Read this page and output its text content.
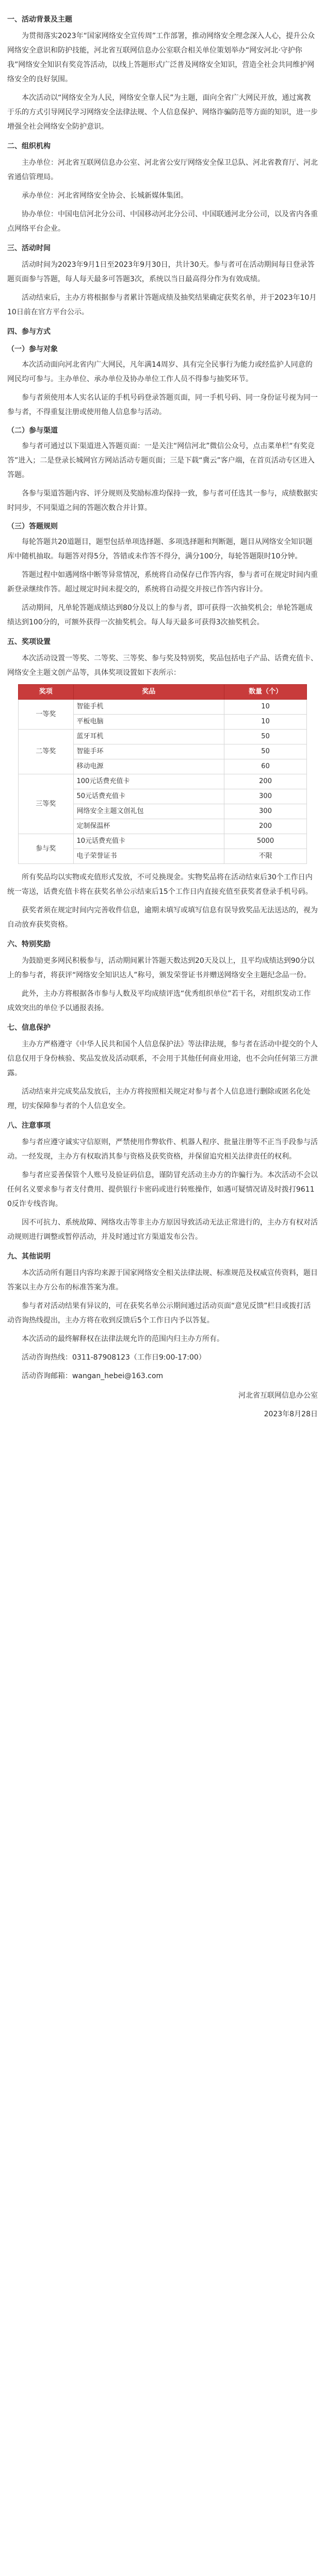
一、活动背景及主题

为贯彻落实2023年“国家网络安全宣传周”工作部署，推动网络安全理念深入人心，提升公众网络安全意识和防护技能，河北省互联网信息办公室联合相关单位策划举办“网安河北·守护你我”网络安全知识有奖竞答活动，以线上答题形式广泛普及网络安全知识，营造全社会共同维护网络安全的良好氛围。

本次活动以“网络安全为人民，网络安全靠人民”为主题，面向全省广大网民开放，通过寓教于乐的方式引导网民学习网络安全法律法规、个人信息保护、网络诈骗防范等方面的知识，进一步增强全社会网络安全防护意识。

二、组织机构

主办单位：河北省互联网信息办公室、河北省公安厅网络安全保卫总队、河北省教育厅、河北省通信管理局。

承办单位：河北省网络安全协会、长城新媒体集团。

协办单位：中国电信河北分公司、中国移动河北分公司、中国联通河北分公司，以及省内各重点网络平台企业。

三、活动时间

活动时间为2023年9月1日至2023年9月30日，共计30天。参与者可在活动期间每日登录答题页面参与答题，每人每天最多可答题3次，系统以当日最高得分作为有效成绩。

活动结束后，主办方将根据参与者累计答题成绩及抽奖结果确定获奖名单，并于2023年10月10日前在官方平台公示。

四、参与方式
（一）参与对象

本次活动面向河北省内广大网民，凡年满14周岁、具有完全民事行为能力或经监护人同意的网民均可参与。主办单位、承办单位及协办单位工作人员不得参与抽奖环节。

参与者须使用本人实名认证的手机号码登录答题页面，同一手机号码、同一身份证号视为同一参与者，不得重复注册或使用他人信息参与活动。

（二）参与渠道

参与者可通过以下渠道进入答题页面：一是关注“网信河北”微信公众号，点击菜单栏“有奖竞答”进入；二是登录长城网官方网站活动专题页面；三是下载“冀云”客户端，在首页活动专区进入答题。

各参与渠道答题内容、评分规则及奖励标准均保持一致，参与者可任选其一参与，成绩数据实时同步，不同渠道之间的答题次数合并计算。

（三）答题规则

每轮答题共20道题目，题型包括单项选择题、多项选择题和判断题，题目从网络安全知识题库中随机抽取。每题答对得5分，答错或未作答不得分，满分100分，每轮答题限时10分钟。

答题过程中如遇网络中断等异常情况，系统将自动保存已作答内容，参与者可在规定时间内重新登录继续作答。超过规定时间未提交的，系统将自动提交并按已作答内容计分。

活动期间，凡单轮答题成绩达到80分及以上的参与者，即可获得一次抽奖机会；单轮答题成绩达到100分的，可额外获得一次抽奖机会。每人每天最多可获得3次抽奖机会。

五、奖项设置

本次活动设置一等奖、二等奖、三等奖、参与奖及特别奖，奖品包括电子产品、话费充值卡、网络安全主题文创产品等，具体奖项设置如下表所示：

奖项	奖品	数量（个）
一等奖	智能手机	10
	平板电脑	10
二等奖	蓝牙耳机	50
	智能手环	50
	移动电源	60
三等奖	100元话费充值卡	200
	50元话费充值卡	300
	网络安全主题文创礼包	300
	定制保温杯	200
参与奖	10元话费充值卡	5000
	电子荣誉证书	不限

所有奖品均以实物或充值形式发放，不可兑换现金。实物奖品将在活动结束后30个工作日内统一寄送，话费充值卡将在获奖名单公示结束后15个工作日内直接充值至获奖者登录手机号码。

获奖者须在规定时间内完善收件信息，逾期未填写或填写信息有误导致奖品无法送达的，视为自动放弃获奖资格。

六、特别奖励

为鼓励更多网民积极参与，活动期间累计答题天数达到20天及以上，且平均成绩达到90分以上的参与者，将获评“网络安全知识达人”称号，颁发荣誉证书并赠送网络安全主题纪念品一份。

此外，主办方将根据各市参与人数及平均成绩评选“优秀组织单位”若干名，对组织发动工作成效突出的单位予以通报表扬。

七、信息保护

主办方严格遵守《中华人民共和国个人信息保护法》等法律法规，参与者在活动中提交的个人信息仅用于身份核验、奖品发放及活动联系，不会用于其他任何商业用途，也不会向任何第三方泄露。

活动结束并完成奖品发放后，主办方将按照相关规定对参与者个人信息进行删除或匿名化处理，切实保障参与者的个人信息安全。

八、注意事项

参与者应遵守诚实守信原则，严禁使用作弊软件、机器人程序、批量注册等不正当手段参与活动。一经发现，主办方有权取消其参与资格及获奖资格，并保留追究相关法律责任的权利。

参与者应妥善保管个人账号及验证码信息，谨防冒充活动主办方的诈骗行为。本次活动不会以任何名义要求参与者支付费用、提供银行卡密码或进行转账操作，如遇可疑情况请及时拨打96110反诈专线咨询。

因不可抗力、系统故障、网络攻击等非主办方原因导致活动无法正常进行的，主办方有权对活动规则进行调整或暂停活动，并及时通过官方渠道发布公告。

九、其他说明

本次活动所有题目内容均来源于国家网络安全相关法律法规、标准规范及权威宣传资料，题目答案以主办方公布的标准答案为准。

参与者对活动结果有异议的，可在获奖名单公示期间通过活动页面“意见反馈”栏目或拨打活动咨询热线提出，主办方将在收到反馈后5个工作日内予以答复。

本次活动的最终解释权在法律法规允许的范围内归主办方所有。

活动咨询热线：0311-87908123（工作日9:00-17:00）

活动咨询邮箱：wangan_hebei@163.com

河北省互联网信息办公室

2023年8月28日
